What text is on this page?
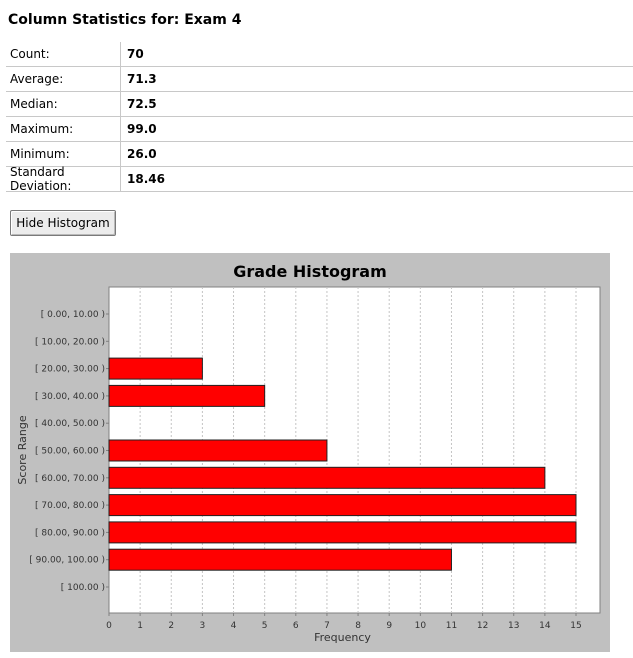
Column Statistics for: Exam 4
Count:	70
Average:	71.3
Median:	72.5
Maximum:	99.0
Minimum:	26.0
Standard Deviation:	18.46
Hide Histogram
Grade Histogram
0	1	2	3	4	5	6	7	8	9	10 11 12 13 14 15
[ 0.00, 10.00 )
[ 10.00, 20.00 )
[ 20.00, 30.00 )
[ 30.00, 40.00 )
[ 40.00, 50.00 )
[ 50.00, 60.00 )
[ 60.00, 70.00 )
[ 70.00, 80.00 )
[ 80.00, 90.00 )
[ 90.00, 100.00 )
[ 100.00 )
Frequency
Score Range
